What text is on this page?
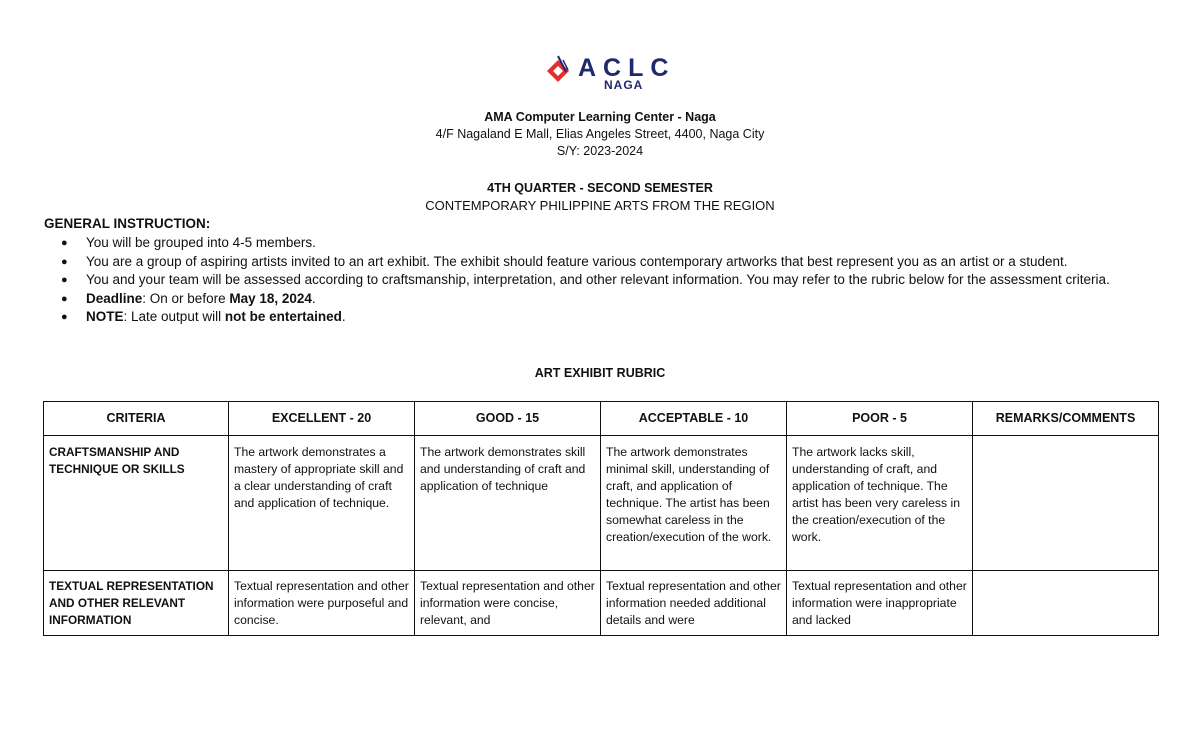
ACLC
NAGA
AMA Computer Learning Center - Naga
4/F Nagaland E Mall, Elias Angeles Street, 4400, Naga City
S/Y: 2023-2024
4TH QUARTER - SECOND SEMESTER
CONTEMPORARY PHILIPPINE ARTS FROM THE REGION
GENERAL INSTRUCTION:
● You will be grouped into 4-5 members.
● You are a group of aspiring artists invited to an art exhibit. The exhibit should feature various contemporary artworks that best represent you as an artist or a student.
● You and your team will be assessed according to craftsmanship, interpretation, and other relevant information. You may refer to the rubric below for the assessment criteria.
● Deadline: On or before May 18, 2024.
● NOTE: Late output will not be entertained.
ART EXHIBIT RUBRIC
CRITERIA	EXCELLENT - 20	GOOD - 15	ACCEPTABLE - 10	POOR - 5	REMARKS/COMMENTS
CRAFTSMANSHIP AND TECHNIQUE OR SKILLS	The artwork demonstrates a mastery of appropriate skill and a clear understanding of craft and application of technique.	The artwork demonstrates skill and understanding of craft and application of technique	The artwork demonstrates minimal skill, understanding of craft, and application of technique. The artist has been somewhat careless in the creation/execution of the work.	The artwork lacks skill, understanding of craft, and application of technique. The artist has been very careless in the creation/execution of the work.	
TEXTUAL REPRESENTATION AND OTHER RELEVANT INFORMATION	Textual representation and other information were purposeful and concise.	Textual representation and other information were concise, relevant, and	Textual representation and other information needed additional details and were	Textual representation and other information were inappropriate and lacked	
